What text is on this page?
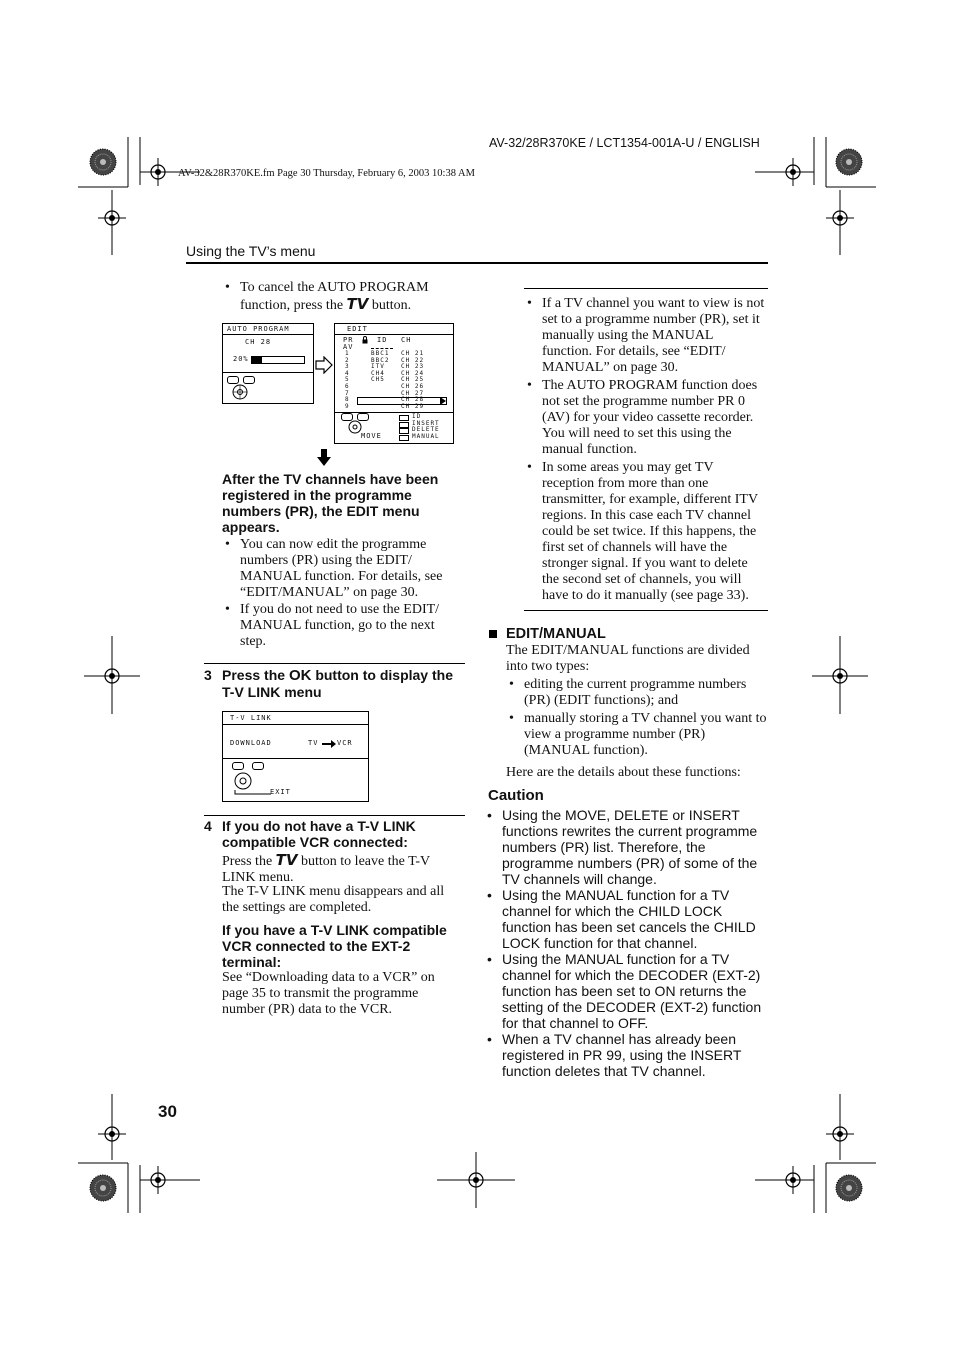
AV-32/28R370KE / LCT1354-001A-U / ENGLISH
AV-32&28R370KE.fm Page 30 Thursday, February 6, 2003 10:38 AM
Using the TV’s menu
• To cancel the AUTO PROGRAM function, press the TV button.
AUTO PROGRAM
CH 28
20%
EDIT
PR	ID CH
AV
1	BBC1 CH 21
2	BBC2 CH 22
3	ITV	CH 23
4	CH4	CH 24
5	CH5	CH 25
6	CH 26
7	CH 27
8	CH 28
9	CH 29
MOVE
ID
INSERT
DELETE
MANUAL
After the TV channels have been registered in the programme numbers (PR), the EDIT menu appears.
• You can now edit the programme numbers (PR) using the EDIT/ MANUAL function. For details, see “EDIT/MANUAL” on page 30.
• If you do not need to use the EDIT/ MANUAL function, go to the next step.
3 Press the OK button to display the T-V LINK menu
T-V LINK
DOWNLOAD	TV	VCR
EXIT
4 If you do not have a T-V LINK compatible VCR connected:
Press the TV button to leave the T-V LINK menu.
The T-V LINK menu disappears and all the settings are completed.
If you have a T-V LINK compatible VCR connected to the EXT-2 terminal:
See “Downloading data to a VCR” on page 35 to transmit the programme number (PR) data to the VCR.
• If a TV channel you want to view is not set to a programme number (PR), set it manually using the MANUAL function. For details, see “EDIT/ MANUAL” on page 30.
• The AUTO PROGRAM function does not set the programme number PR 0 (AV) for your video cassette recorder. You will need to set this using the manual function.
• In some areas you may get TV reception from more than one transmitter, for example, different ITV regions. In this case each TV channel could be set twice. If this happens, the first set of channels will have the stronger signal. If you want to delete the second set of channels, you will have to do it manually (see page 33).
EDIT/MANUAL
The EDIT/MANUAL functions are divided into two types:
• editing the current programme numbers (PR) (EDIT functions); and
• manually storing a TV channel you want to view a programme number (PR) (MANUAL function).
Here are the details about these functions:
Caution
• Using the MOVE, DELETE or INSERT functions rewrites the current programme numbers (PR) list. Therefore, the programme numbers (PR) of some of the TV channels will change.
• Using the MANUAL function for a TV channel for which the CHILD LOCK function has been set cancels the CHILD LOCK function for that channel.
• Using the MANUAL function for a TV channel for which the DECODER (EXT-2) function has been set to ON returns the setting of the DECODER (EXT-2) function for that channel to OFF.
• When a TV channel has already been registered in PR 99, using the INSERT function deletes that TV channel.
30
